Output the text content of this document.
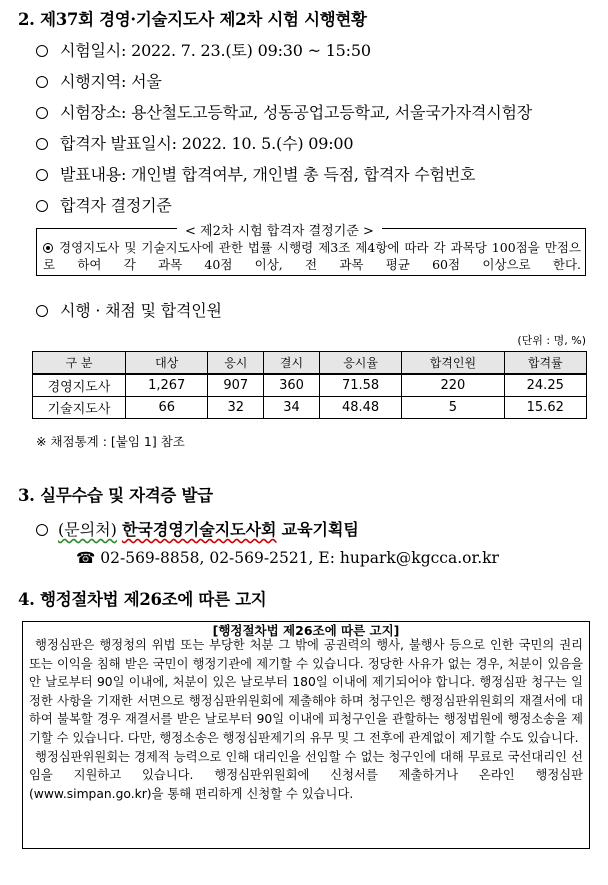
2. 제37회 경영·기술지도사 제2차 시험 시행현황
시험일시: 2022. 7. 23.(토) 09:30 ~ 15:50
시행지역: 서울
시험장소: 용산철도고등학교, 성동공업고등학교, 서울국가자격시험장
합격자 발표일시: 2022. 10. 5.(수) 09:00
발표내용: 개인별 합격여부, 개인별 총 득점, 합격자 수험번호
합격자 결정기준
< 제2차 시험 합격자 결정기준 >
경영지도사 및 기술지도사에 관한 법률 시행령 제3조 제4항에 따라 각 과목당 100점을 만점으로 하여 각 과목 40점 이상, 전 과목 평균 60점 이상으로 한다.
시행 · 채점 및 합격인원
(단위 : 명, %)
구 분	대상	응시	결시	응시율	합격인원	합격률
경영지도사	1,267	907	360	71.58	220	24.25
기술지도사	66	32	34	48.48	5	15.62
※ 채점통계 : [붙임 1] 참조
3. 실무수습 및 자격증 발급
(문의처) 한국경영기술지도사회 교육기획팀
☎ 02-569-8858, 02-569-2521, E: hupark@kgcca.or.kr
4. 행정절차법 제26조에 따른 고지
[행정절차법 제26조에 따른 고지]

행정심판은 행정청의 위법 또는 부당한 처분 그 밖에 공권력의 행사, 불행사 등으로 인한 국민의 권리 또는 이익을 침해 받은 국민이 행정기관에 제기할 수 있습니다. 정당한 사유가 없는 경우, 처분이 있음을 안 날로부터 90일 이내에, 처분이 있은 날로부터 180일 이내에 제기되어야 합니다. 행정심판 청구는 일정한 사항을 기재한 서면으로 행정심판위원회에 제출해야 하며 청구인은 행정심판위원회의 재결서에 대하여 불복할 경우 재결서를 받은 날로부터 90일 이내에 피청구인을 관할하는 행정법원에 행정소송을 제기할 수 있습니다. 다만, 행정소송은 행정심판제기의 유무 및 그 전후에 관계없이 제기할 수도 있습니다.

행정심판위원회는 경제적 능력으로 인해 대리인을 선임할 수 없는 청구인에 대해 무료로 국선대리인 선임을 지원하고 있습니다. 행정심판위원회에 신청서를 제출하거나 온라인 행정심판(www.simpan.go.kr)을 통해 편리하게 신청할 수 있습니다.
